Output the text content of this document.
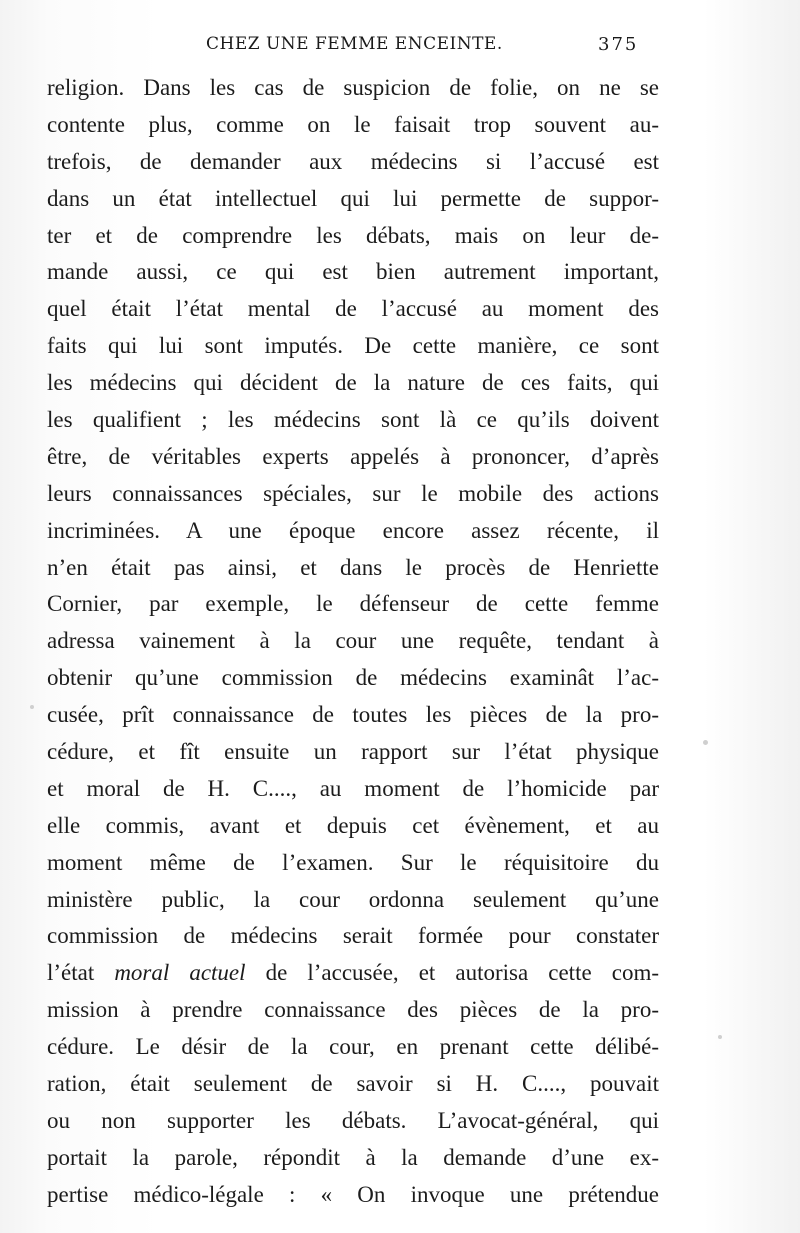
CHEZ UNE FEMME ENCEINTE.	375
religion. Dans les cas de suspicion de folie, on ne se
contente plus, comme on le faisait trop souvent au-
trefois, de demander aux médecins si l’accusé est
dans un état intellectuel qui lui permette de suppor-
ter et de comprendre les débats, mais on leur de-
mande aussi, ce qui est bien autrement important,
quel était l’état mental de l’accusé au moment des
faits qui lui sont imputés. De cette manière, ce sont
les médecins qui décident de la nature de ces faits, qui
les qualifient ; les médecins sont là ce qu’ils doivent
être, de véritables experts appelés à prononcer, d’après
leurs connaissances spéciales, sur le mobile des actions
incriminées. A une époque encore assez récente, il
n’en était pas ainsi, et dans le procès de Henriette
Cornier, par exemple, le défenseur de cette femme
adressa vainement à la cour une requête, tendant à
obtenir qu’une commission de médecins examinât l’ac-
cusée, prît connaissance de toutes les pièces de la pro-
cédure, et fît ensuite un rapport sur l’état physique
et moral de H. C...., au moment de l’homicide par
elle commis, avant et depuis cet évènement, et au
moment même de l’examen. Sur le réquisitoire du
ministère public, la cour ordonna seulement qu’une
commission de médecins serait formée pour constater
l’état moral actuel de l’accusée, et autorisa cette com-
mission à prendre connaissance des pièces de la pro-
cédure. Le désir de la cour, en prenant cette délibé-
ration, était seulement de savoir si H. C...., pouvait
ou non supporter les débats. L’avocat-général, qui
portait la parole, répondit à la demande d’une ex-
pertise médico-légale : « On invoque une prétendue
